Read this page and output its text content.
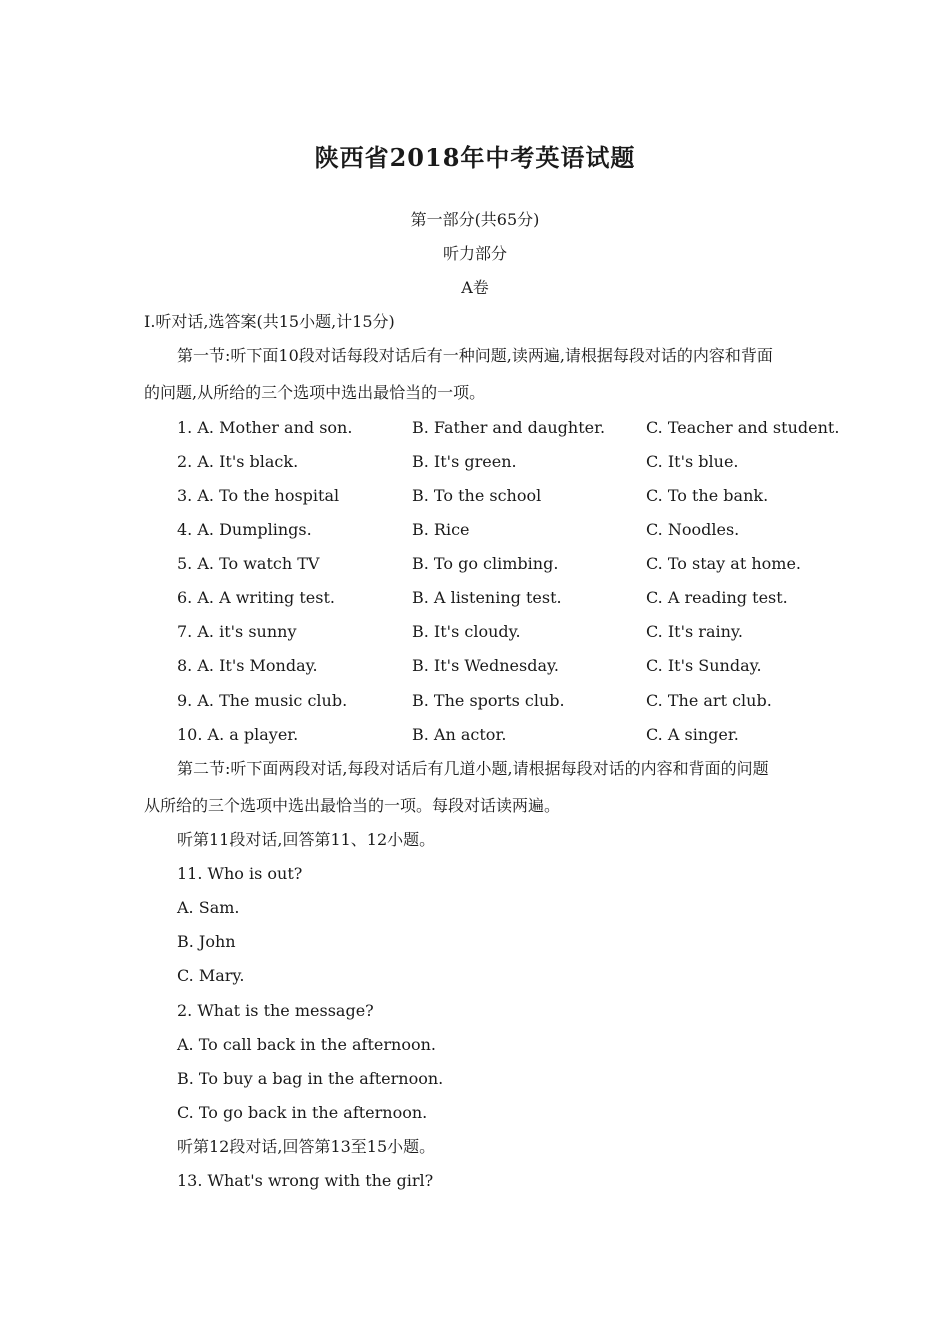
陕西省2018年中考英语试题
第一部分(共65分)
听力部分
A卷
I.听对话,选答案(共15小题,计15分)
第一节:听下面10段对话每段对话后有一种问题,读两遍,请根据每段对话的内容和背面
的问题,从所给的三个选项中选出最恰当的一项。
1. A. Mother and son.	B. Father and daughter.	C. Teacher and student.
2. A. It's black.	B. It's green.	C. It's blue.
3. A. To the hospital	B. To the school	C. To the bank.
4. A. Dumplings.	B. Rice	C. Noodles.
5. A. To watch TV	B. To go climbing.	C. To stay at home.
6. A. A writing test.	B. A listening test.	C. A reading test.
7. A. it's sunny	B. It's cloudy.	C. It's rainy.
8. A. It's Monday.	B. It's Wednesday.	C. It's Sunday.
9. A. The music club.	B. The sports club.	C. The art club.
10. A. a player.	B. An actor.	C. A singer.
第二节:听下面两段对话,每段对话后有几道小题,请根据每段对话的内容和背面的问题
从所给的三个选项中选出最恰当的一项。每段对话读两遍。
听第11段对话,回答第11、12小题。
11. Who is out?
A. Sam.
B. John
C. Mary.
2. What is the message?
A. To call back in the afternoon.
B. To buy a bag in the afternoon.
C. To go back in the afternoon.
听第12段对话,回答第13至15小题。
13. What's wrong with the girl?
